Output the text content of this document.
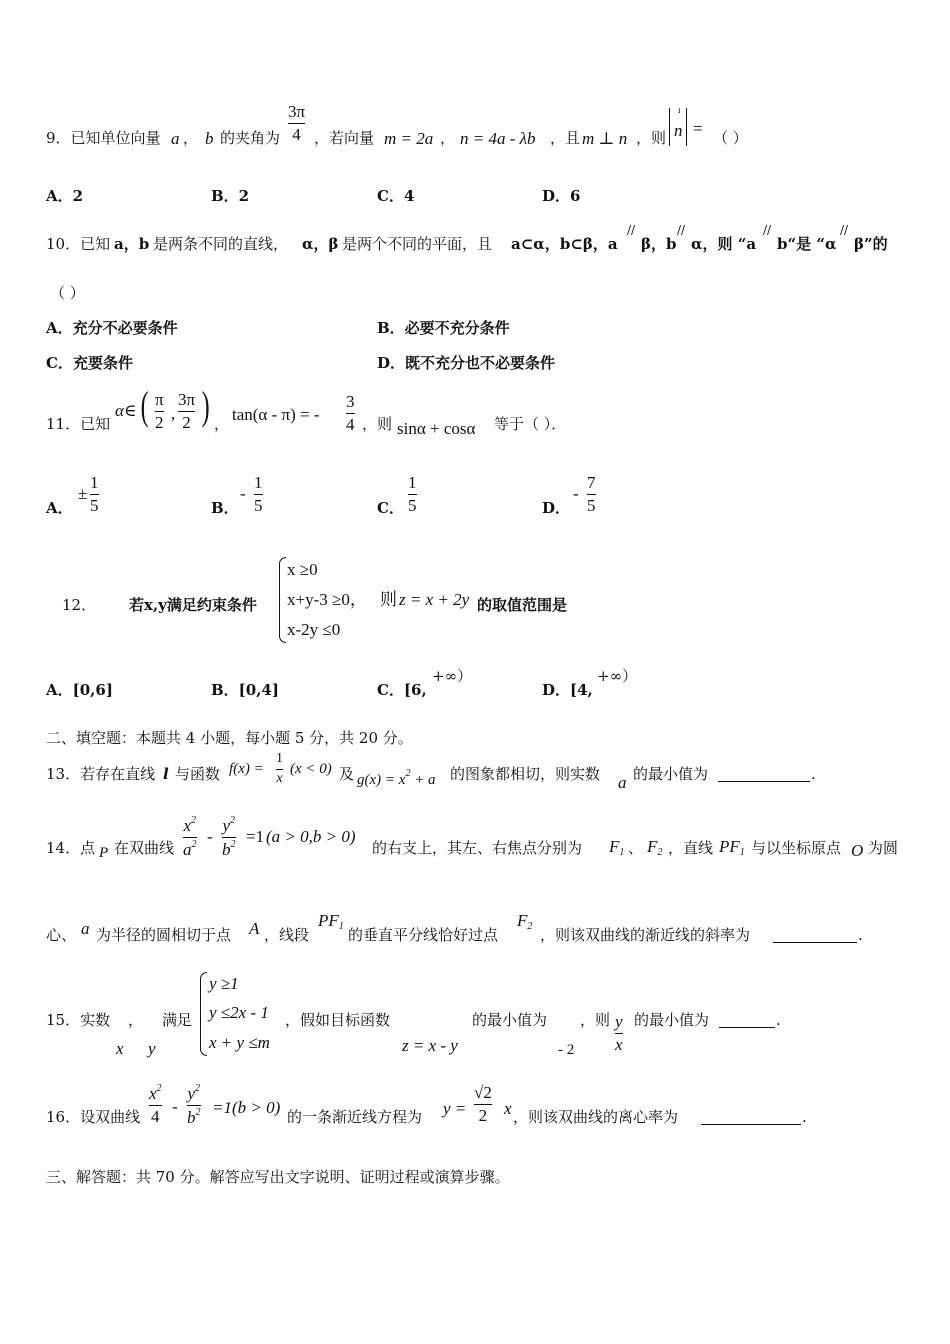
9．已知单位向量 a ， b 的夹角为
3π
4 ，若向量 m = 2a ， n = 4a - λb ，且 m ⊥ n ，则
ı
n = （ ）
A．2	B．2	C．4	D．6
10．已知 a，b 是两条不同的直线， α，β 是两个不同的平面，且 a⊂α，b⊂β，a
//
β，b
//
α，则 “a
//
b“是 “α
//
β”的
（ ）
A．充分不必要条件	B．必要不充分条件
C．充要条件	D．既不充分也不必要条件
11．已知
α∈ ( π
2 ,
3π
2 ) ， tan(α - π) = -
3
4 ，则 sinα + cosα 等于（ ）．
A．
±
1
5	B．
-
1
5	C．
1
5	D．
-
7
5
12． 若x,y满足约束条件
x ≥0
x+y-3 ≥0， 则 z = x + 2y
x-2y ≤0
的取值范围是
A．[0,6]	B．[0,4]	C．[6,
+∞）
D．[4,
+∞）
二、填空题：本题共 4 小题，每小题 5 分，共 20 分。
13．若存在直线 l 与函数 f(x) =
1
x
(x < 0) 及 $g(x) = x^2 + a$ 的图象都相切，则实数 a 的最小值为	.
14．点 P 在双曲线
$x^2$
$a^2$ -
$y^2$
$b^2 =1$ (a > 0,b > 0)
的右支上，其左、右焦点分别为 $F_1$ 、 $F_2$ ，直线 $PF_1$ 与以坐标原点 O 为圆
心、 a 为半径的圆相切于点 A ，线段
$PF_1$ 的垂直平分线恰好过点
$F_2$ ，则该双曲线的渐近线的斜率为	.
15．实数
x
，
y
满足
y ≥1
y ≤2x - 1
x + y ≤m
，假如目标函数
z = x - y
的最小值为
- 2
，则 y
x
的最小值为	.
16．设双曲线
$x^2$
4
-
$y^2$
$b^2 =1(b > 0)$ 的一条渐近线方程为 y =
√2
2 x ，则该双曲线的离心率为	.
三、解答题：共 70 分。解答应写出文字说明、证明过程或演算步骤。
